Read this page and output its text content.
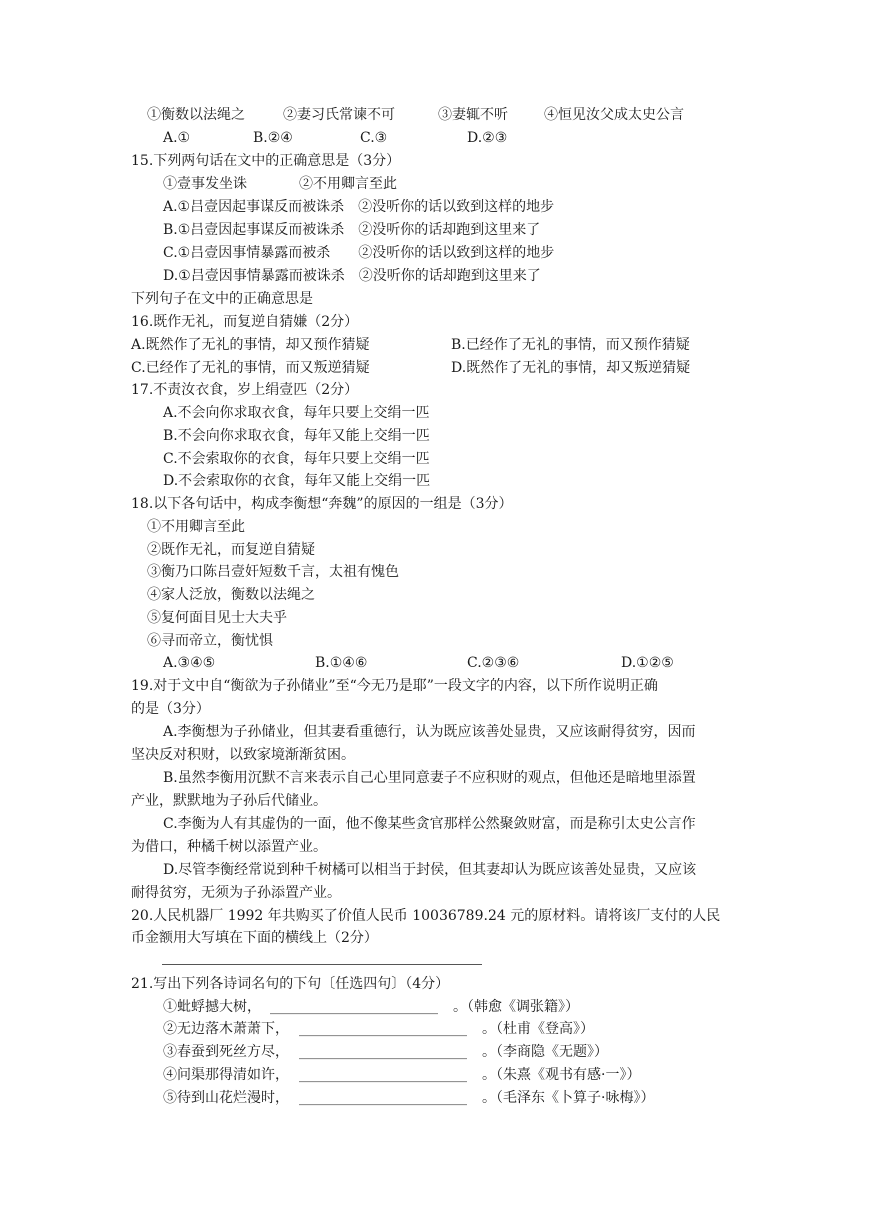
①衡数以法绳之	②妻习氏常谏不可	③妻辄不听	④恒见汝父成太史公言
A.①	B.②④	C.③	D.②③
15.下列两句话在文中的正确意思是（3分）
①壹事发坐诛	②不用卿言至此
A.①吕壹因起事谋反而被诛杀　②没听你的话以致到这样的地步
B.①吕壹因起事谋反而被诛杀　②没听你的话却跑到这里来了
C.①吕壹因事情暴露而被杀　　②没听你的话以致到这样的地步
D.①吕壹因事情暴露而被诛杀　②没听你的话却跑到这里来了
下列句子在文中的正确意思是
16.既作无礼，而复逆自猜嫌（2分）
A.既然作了无礼的事情，却又预作猜疑	B.已经作了无礼的事情，而又预作猜疑
C.已经作了无礼的事情，而又叛逆猜疑	D.既然作了无礼的事情，却又叛逆猜疑
17.不责汝衣食，岁上绢壹匹（2分）
A.不会向你求取衣食，每年只要上交绢一匹
B.不会向你求取衣食，每年又能上交绢一匹
C.不会索取你的衣食，每年只要上交绢一匹
D.不会索取你的衣食，每年又能上交绢一匹
18.以下各句话中，构成李衡想“奔魏”的原因的一组是（3分）
①不用卿言至此
②既作无礼，而复逆自猜疑
③衡乃口陈吕壹奸短数千言，太祖有愧色
④家人泛放，衡数以法绳之
⑤复何面目见士大夫乎
⑥寻而帝立，衡忧惧
A.③④⑤	B.①④⑥	C.②③⑥	D.①②⑤
19.对于文中自“衡欲为子孙储业”至“今无乃是耶”一段文字的内容，以下所作说明正确
的是（3分）
A.李衡想为子孙储业，但其妻看重德行，认为既应该善处显贵，又应该耐得贫穷，因而
坚决反对积财，以致家境渐渐贫困。
B.虽然李衡用沉默不言来表示自己心里同意妻子不应积财的观点，但他还是暗地里添置
产业，默默地为子孙后代储业。
C.李衡为人有其虚伪的一面，他不像某些贪官那样公然聚敛财富，而是称引太史公言作
为借口，种橘千树以添置产业。
D.尽管李衡经常说到种千树橘可以相当于封侯，但其妻却认为既应该善处显贵，又应该
耐得贫穷，无须为子孙添置产业。
20.人民机器厂 1992 年共购买了价值人民币 10036789.24 元的原材料。请将该厂支付的人民
币金额用大写填在下面的横线上（2分）
21.写出下列各诗词名句的下句〔任选四句〕（4分）
①蚍蜉撼大树， ________________________ 。（韩愈《调张籍》）
②无边落木萧萧下， ________________________ 。（杜甫《登高》）
③春蚕到死丝方尽， ________________________ 。（李商隐《无题》）
④问渠那得清如许， ________________________ 。（朱熹《观书有感·一》）
⑤待到山花烂漫时， ________________________ 。（毛泽东《卜算子·咏梅》）
